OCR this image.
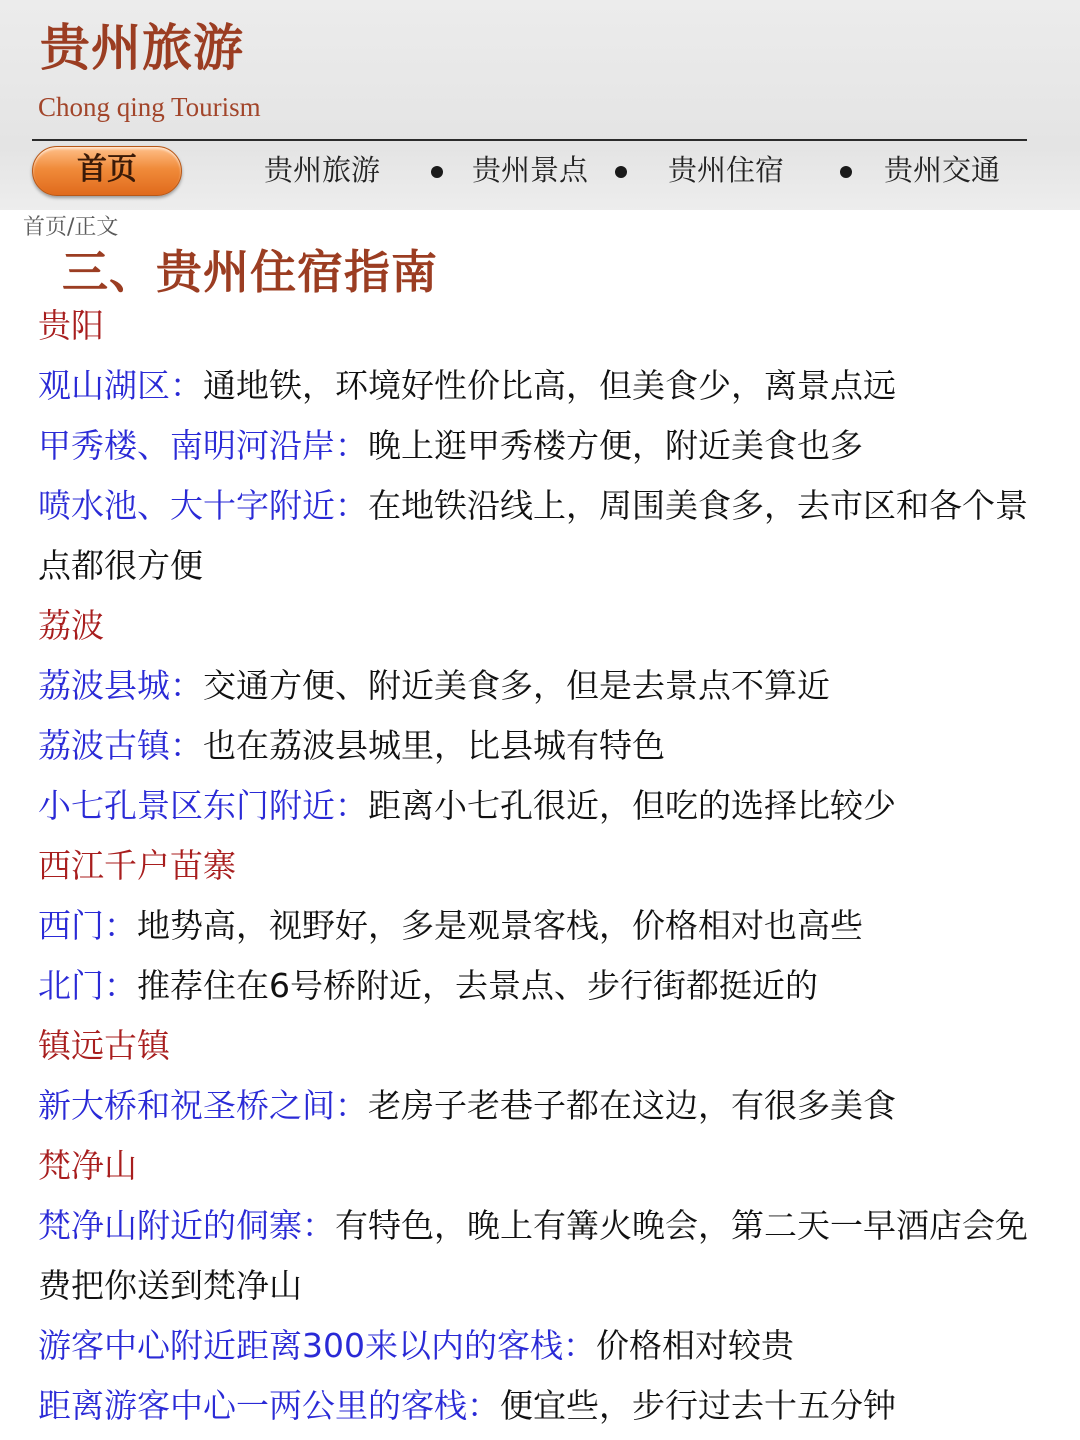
贵州旅游
Chong qing Tourism
首页	贵州旅游	贵州景点	贵州住宿	贵州交通
首页/正文
三、贵州住宿指南
贵阳
观山湖区：通地铁，环境好性价比高，但美食少，离景点远
甲秀楼、南明河沿岸：晚上逛甲秀楼方便，附近美食也多
喷水池、大十字附近：在地铁沿线上，周围美食多，去市区和各个景点都很方便
荔波
荔波县城：交通方便、附近美食多，但是去景点不算近
荔波古镇：也在荔波县城里，比县城有特色
小七孔景区东门附近：距离小七孔很近，但吃的选择比较少
西江千户苗寨
西门：地势高，视野好，多是观景客栈，价格相对也高些
北门：推荐住在6号桥附近，去景点、步行街都挺近的
镇远古镇
新大桥和祝圣桥之间：老房子老巷子都在这边，有很多美食
梵净山
梵净山附近的侗寨：有特色，晚上有篝火晚会，第二天一早酒店会免费把你送到梵净山
游客中心附近距离300来以内的客栈：价格相对较贵
距离游客中心一两公里的客栈：便宜些，步行过去十五分钟
